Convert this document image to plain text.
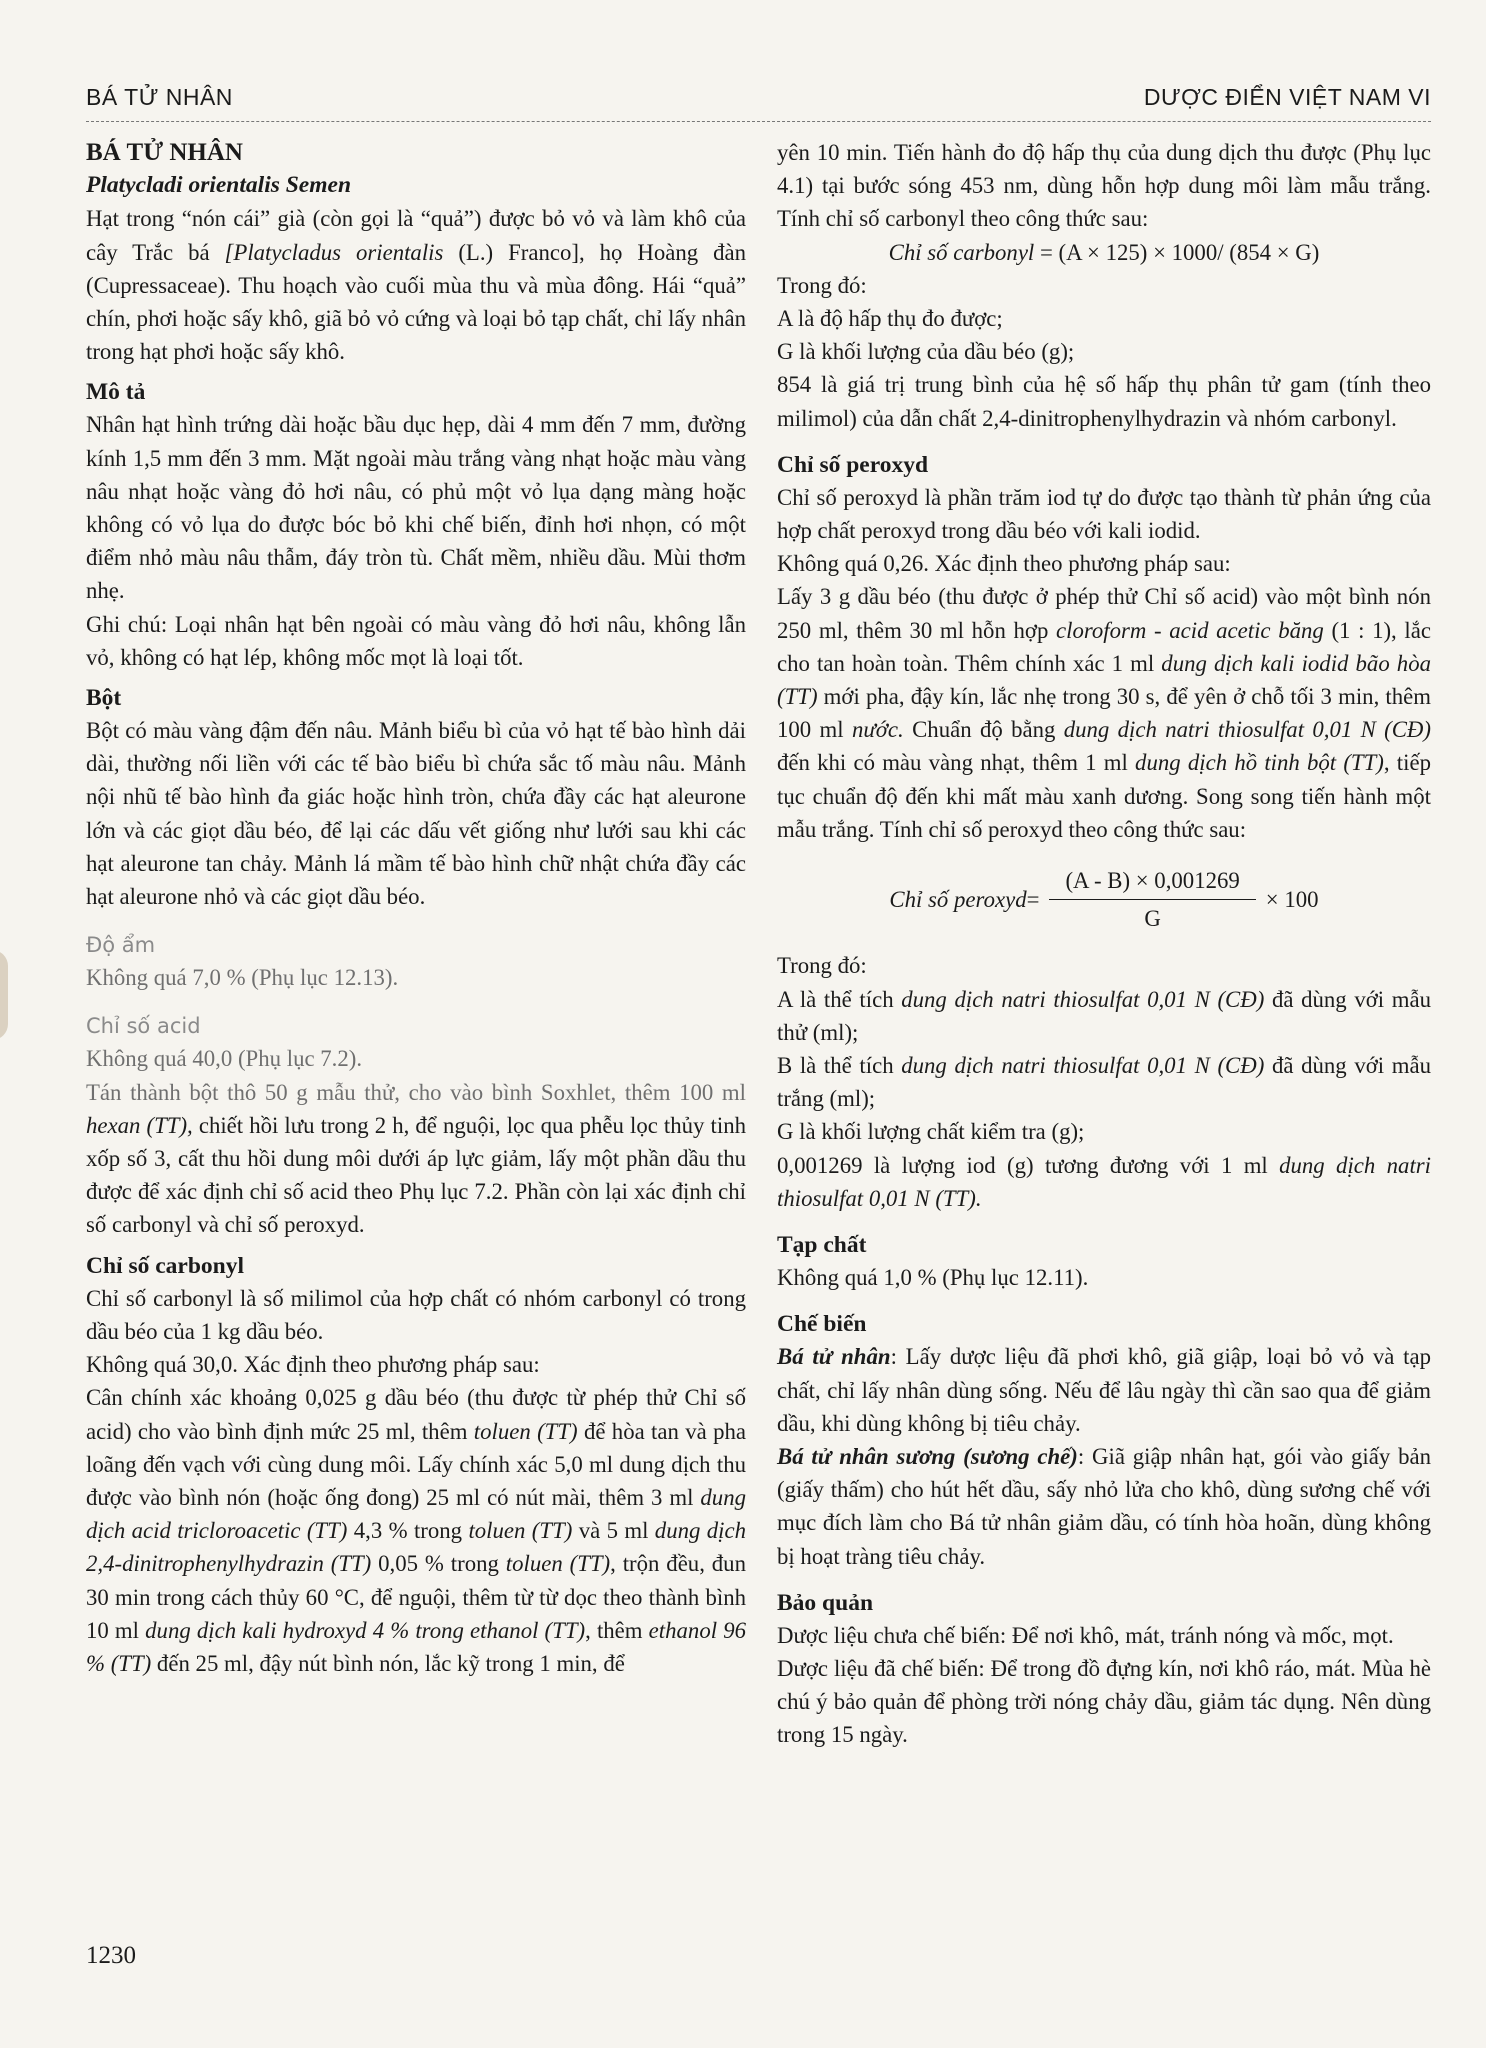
BÁ TỬ NHÂN	DƯỢC ĐIỂN VIỆT NAM VI

BÁ TỬ NHÂN

Platycladi orientalis Semen

Hạt trong “nón cái” già (còn gọi là “quả”) được bỏ vỏ và làm khô của cây Trắc bá [Platycladus orientalis (L.) Franco], họ Hoàng đàn (Cupressaceae). Thu hoạch vào cuối mùa thu và mùa đông. Hái “quả” chín, phơi hoặc sấy khô, giã bỏ vỏ cứng và loại bỏ tạp chất, chỉ lấy nhân trong hạt phơi hoặc sấy khô.

Mô tả

Nhân hạt hình trứng dài hoặc bầu dục hẹp, dài 4 mm đến 7 mm, đường kính 1,5 mm đến 3 mm. Mặt ngoài màu trắng vàng nhạt hoặc màu vàng nâu nhạt hoặc vàng đỏ hơi nâu, có phủ một vỏ lụa dạng màng hoặc không có vỏ lụa do được bóc bỏ khi chế biến, đỉnh hơi nhọn, có một điểm nhỏ màu nâu thẫm, đáy tròn tù. Chất mềm, nhiều dầu. Mùi thơm nhẹ.

Ghi chú: Loại nhân hạt bên ngoài có màu vàng đỏ hơi nâu, không lẫn vỏ, không có hạt lép, không mốc mọt là loại tốt.

Bột

Bột có màu vàng đậm đến nâu. Mảnh biểu bì của vỏ hạt tế bào hình dải dài, thường nối liền với các tế bào biểu bì chứa sắc tố màu nâu. Mảnh nội nhũ tế bào hình đa giác hoặc hình tròn, chứa đầy các hạt aleurone lớn và các giọt dầu béo, để lại các dấu vết giống như lưới sau khi các hạt aleurone tan chảy. Mảnh lá mầm tế bào hình chữ nhật chứa đầy các hạt aleurone nhỏ và các giọt dầu béo.

Độ ẩm

Không quá 7,0 % (Phụ lục 12.13).

Chỉ số acid

Không quá 40,0 (Phụ lục 7.2).

Tán thành bột thô 50 g mẫu thử, cho vào bình Soxhlet, thêm 100 ml hexan (TT), chiết hồi lưu trong 2 h, để nguội, lọc qua phễu lọc thủy tinh xốp số 3, cất thu hồi dung môi dưới áp lực giảm, lấy một phần dầu thu được để xác định chỉ số acid theo Phụ lục 7.2. Phần còn lại xác định chỉ số carbonyl và chỉ số peroxyd.

Chỉ số carbonyl

Chỉ số carbonyl là số milimol của hợp chất có nhóm carbonyl có trong dầu béo của 1 kg dầu béo.

Không quá 30,0. Xác định theo phương pháp sau:

Cân chính xác khoảng 0,025 g dầu béo (thu được từ phép thử Chỉ số acid) cho vào bình định mức 25 ml, thêm toluen (TT) để hòa tan và pha loãng đến vạch với cùng dung môi. Lấy chính xác 5,0 ml dung dịch thu được vào bình nón (hoặc ống đong) 25 ml có nút mài, thêm 3 ml dung dịch acid tricloroacetic (TT) 4,3 % trong toluen (TT) và 5 ml dung dịch 2,4-dinitrophenylhydrazin (TT) 0,05 % trong toluen (TT), trộn đều, đun 30 min trong cách thủy 60 °C, để nguội, thêm từ từ dọc theo thành bình 10 ml dung dịch kali hydroxyd 4 % trong ethanol (TT), thêm ethanol 96 % (TT) đến 25 ml, đậy nút bình nón, lắc kỹ trong 1 min, để

1230

yên 10 min. Tiến hành đo độ hấp thụ của dung dịch thu được (Phụ lục 4.1) tại bước sóng 453 nm, dùng hỗn hợp dung môi làm mẫu trắng. Tính chỉ số carbonyl theo công thức sau:

Chỉ số carbonyl = (A × 125) × 1000/ (854 × G)

Trong đó:

A là độ hấp thụ đo được;

G là khối lượng của dầu béo (g);

854 là giá trị trung bình của hệ số hấp thụ phân tử gam (tính theo milimol) của dẫn chất 2,4-dinitrophenylhydrazin và nhóm carbonyl.

Chỉ số peroxyd

Chỉ số peroxyd là phần trăm iod tự do được tạo thành từ phản ứng của hợp chất peroxyd trong dầu béo với kali iodid.

Không quá 0,26. Xác định theo phương pháp sau:

Lấy 3 g dầu béo (thu được ở phép thử Chỉ số acid) vào một bình nón 250 ml, thêm 30 ml hỗn hợp cloroform - acid acetic băng (1 : 1), lắc cho tan hoàn toàn. Thêm chính xác 1 ml dung dịch kali iodid bão hòa (TT) mới pha, đậy kín, lắc nhẹ trong 30 s, để yên ở chỗ tối 3 min, thêm 100 ml nước. Chuẩn độ bằng dung dịch natri thiosulfat 0,01 N (CĐ) đến khi có màu vàng nhạt, thêm 1 ml dung dịch hồ tinh bột (TT), tiếp tục chuẩn độ đến khi mất màu xanh dương. Song song tiến hành một mẫu trắng. Tính chỉ số peroxyd theo công thức sau:

Chỉ số peroxyd = $\frac{(A - B) \times 0,001269}{G} \times 100$

Trong đó:

A là thể tích dung dịch natri thiosulfat 0,01 N (CĐ) đã dùng với mẫu thử (ml);

B là thể tích dung dịch natri thiosulfat 0,01 N (CĐ) đã dùng với mẫu trắng (ml);

G là khối lượng chất kiểm tra (g);

0,001269 là lượng iod (g) tương đương với 1 ml dung dịch natri thiosulfat 0,01 N (TT).

Tạp chất

Không quá 1,0 % (Phụ lục 12.11).

Chế biến

Bá tử nhân: Lấy dược liệu đã phơi khô, giã giập, loại bỏ vỏ và tạp chất, chỉ lấy nhân dùng sống. Nếu để lâu ngày thì cần sao qua để giảm dầu, khi dùng không bị tiêu chảy.

Bá tử nhân sương (sương chế): Giã giập nhân hạt, gói vào giấy bản (giấy thấm) cho hút hết dầu, sấy nhỏ lửa cho khô, dùng sương chế với mục đích làm cho Bá tử nhân giảm dầu, có tính hòa hoãn, dùng không bị hoạt tràng tiêu chảy.

Bảo quản

Dược liệu chưa chế biến: Để nơi khô, mát, tránh nóng và mốc, mọt.

Dược liệu đã chế biến: Để trong đồ đựng kín, nơi khô ráo, mát. Mùa hè chú ý bảo quản để phòng trời nóng chảy dầu, giảm tác dụng. Nên dùng trong 15 ngày.
